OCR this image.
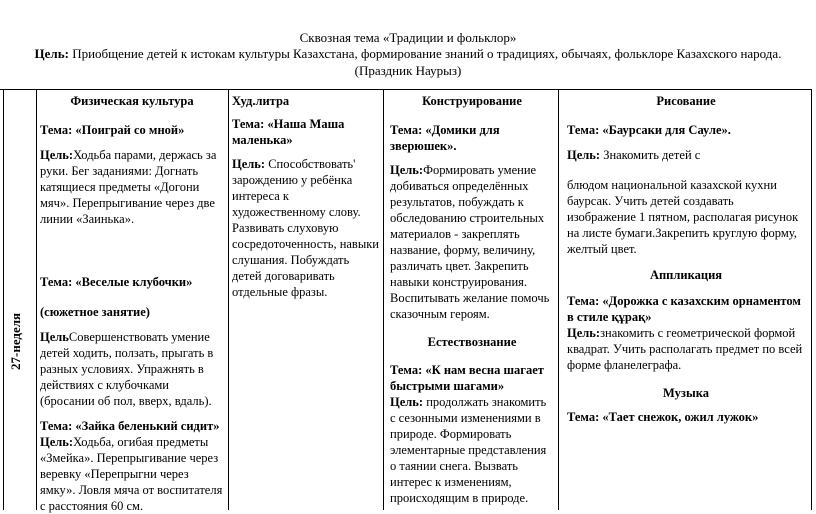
Сквозная тема «Традиции и фольклор»
Цель: Приобщение детей к истокам культуры Казахстана, формирование знаний о традициях, обычаях, фольклоре Казахского народа.
(Праздник Наурыз)
27-неделя

Физическая культура

Тема: «Поиграй со мной»

Цель:Ходьба парами, держась за руки. Бег заданиями: Догнать катящиеся предметы «Догони мяч». Перепрыгивание через две линии «Заинька».

Тема: «Веселые клубочки»

(сюжетное занятие)

ЦельСовершенствовать умение детей ходить, ползать, прыгать в разных условиях. Упражнять в действиях с клубочками (бросании об пол, вверх, вдаль).

Тема: «Зайка беленький сидит»

Цель:Ходьба, огибая предметы «Змейка». Перепрыгивание через веревку «Перепрыгни через ямку». Ловля мяча от воспитателя с расстояния 60 см.

Худ.литра

Тема: «Наша Маша маленька»

Цель: Способствовать' зарождению у ребёнка интереса к художественному слову. Развивать слуховую сосредоточенность, навыки слушания. Побуждать детей договаривать отдельные фразы.

Конструирование

Тема: «Домики для зверюшек».

Цель:Формировать умение добиваться определённых результатов, побуждать к обследованию строительных материалов - закреплять название, форму, величину, различать цвет. Закрепить навыки конструирования. Воспитывать желание помочь сказочным героям.

Естествознание

Тема: «К нам весна шагает быстрыми шагами»

Цель: продолжать знакомить с сезонными изменениями в природе. Формировать элементарные представления о таянии снега. Вызвать интерес к изменениям, происходящим в природе.

Рисование

Тема: «Баурсаки для Сауле».

Цель: Знакомить детей с

блюдом национальной казахской кухни баурсак. Учить детей создавать изображение 1 пятном, располагая рисунок на листе бумаги.Закрепить круглую форму, желтый цвет.

Аппликация

Тема: «Дорожка с казахским орнаментом в стиле құрақ»

Цель:знакомить с геометрической формой квадрат. Учить располагать предмет по всей форме фланелеграфа.

Музыка

Тема: «Тает снежок, ожил лужок»
